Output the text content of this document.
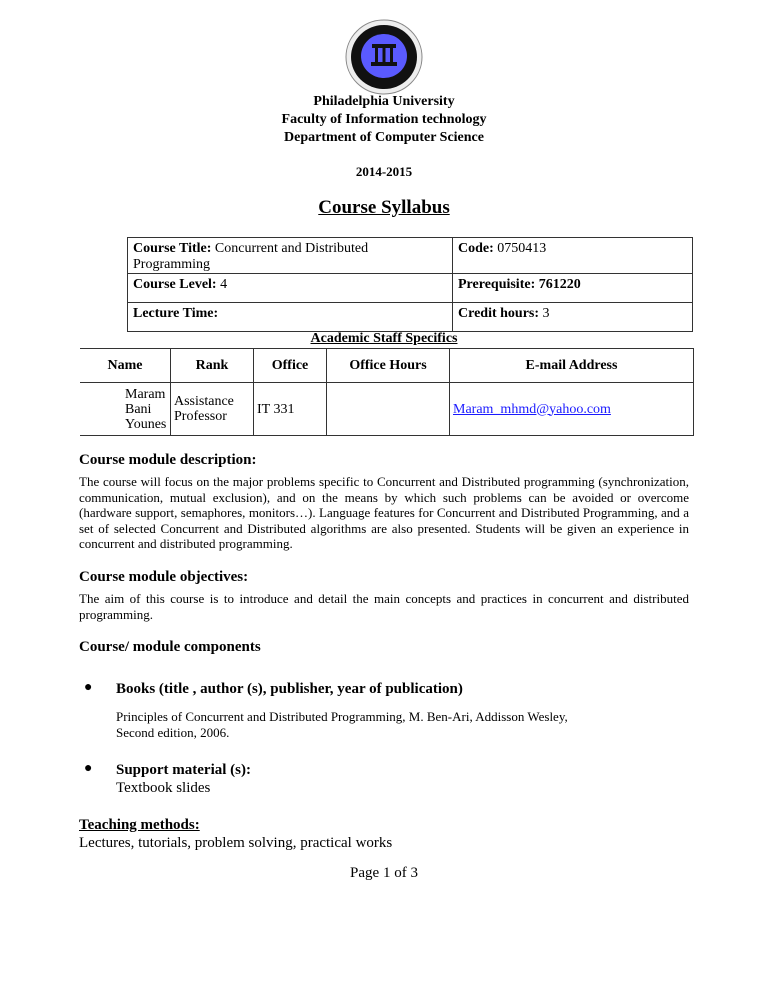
Philadelphia University
Faculty of Information technology
Department of Computer Science
2014-2015
Course Syllabus
Course Title: Concurrent and Distributed Programming	Code: 0750413
Course Level: 4	Prerequisite: 761220
Lecture Time:	Credit hours: 3
Academic Staff Specifics
Name	Rank	Office	Office Hours	E-mail Address
Maram Bani Younes	Assistance Professor	IT 331		Maram_mhmd@yahoo.com
Course module description:
The course will focus on the major problems specific to Concurrent and Distributed programming (synchronization, communication, mutual exclusion), and on the means by which such problems can be avoided or overcome (hardware support, semaphores, monitors…). Language features for Concurrent and Distributed Programming, and a set of selected Concurrent and Distributed algorithms are also presented. Students will be given an experience in concurrent and distributed programming.
Course module objectives:
The aim of this course is to introduce and detail the main concepts and practices in concurrent and distributed programming.
Course/ module components
● Books (title , author (s), publisher, year of publication)
Principles of Concurrent and Distributed Programming, M. Ben-Ari, Addisson Wesley,
Second edition, 2006.
● Support material (s):
Textbook slides
Teaching methods:
Lectures, tutorials, problem solving, practical works
Page 1 of 3
